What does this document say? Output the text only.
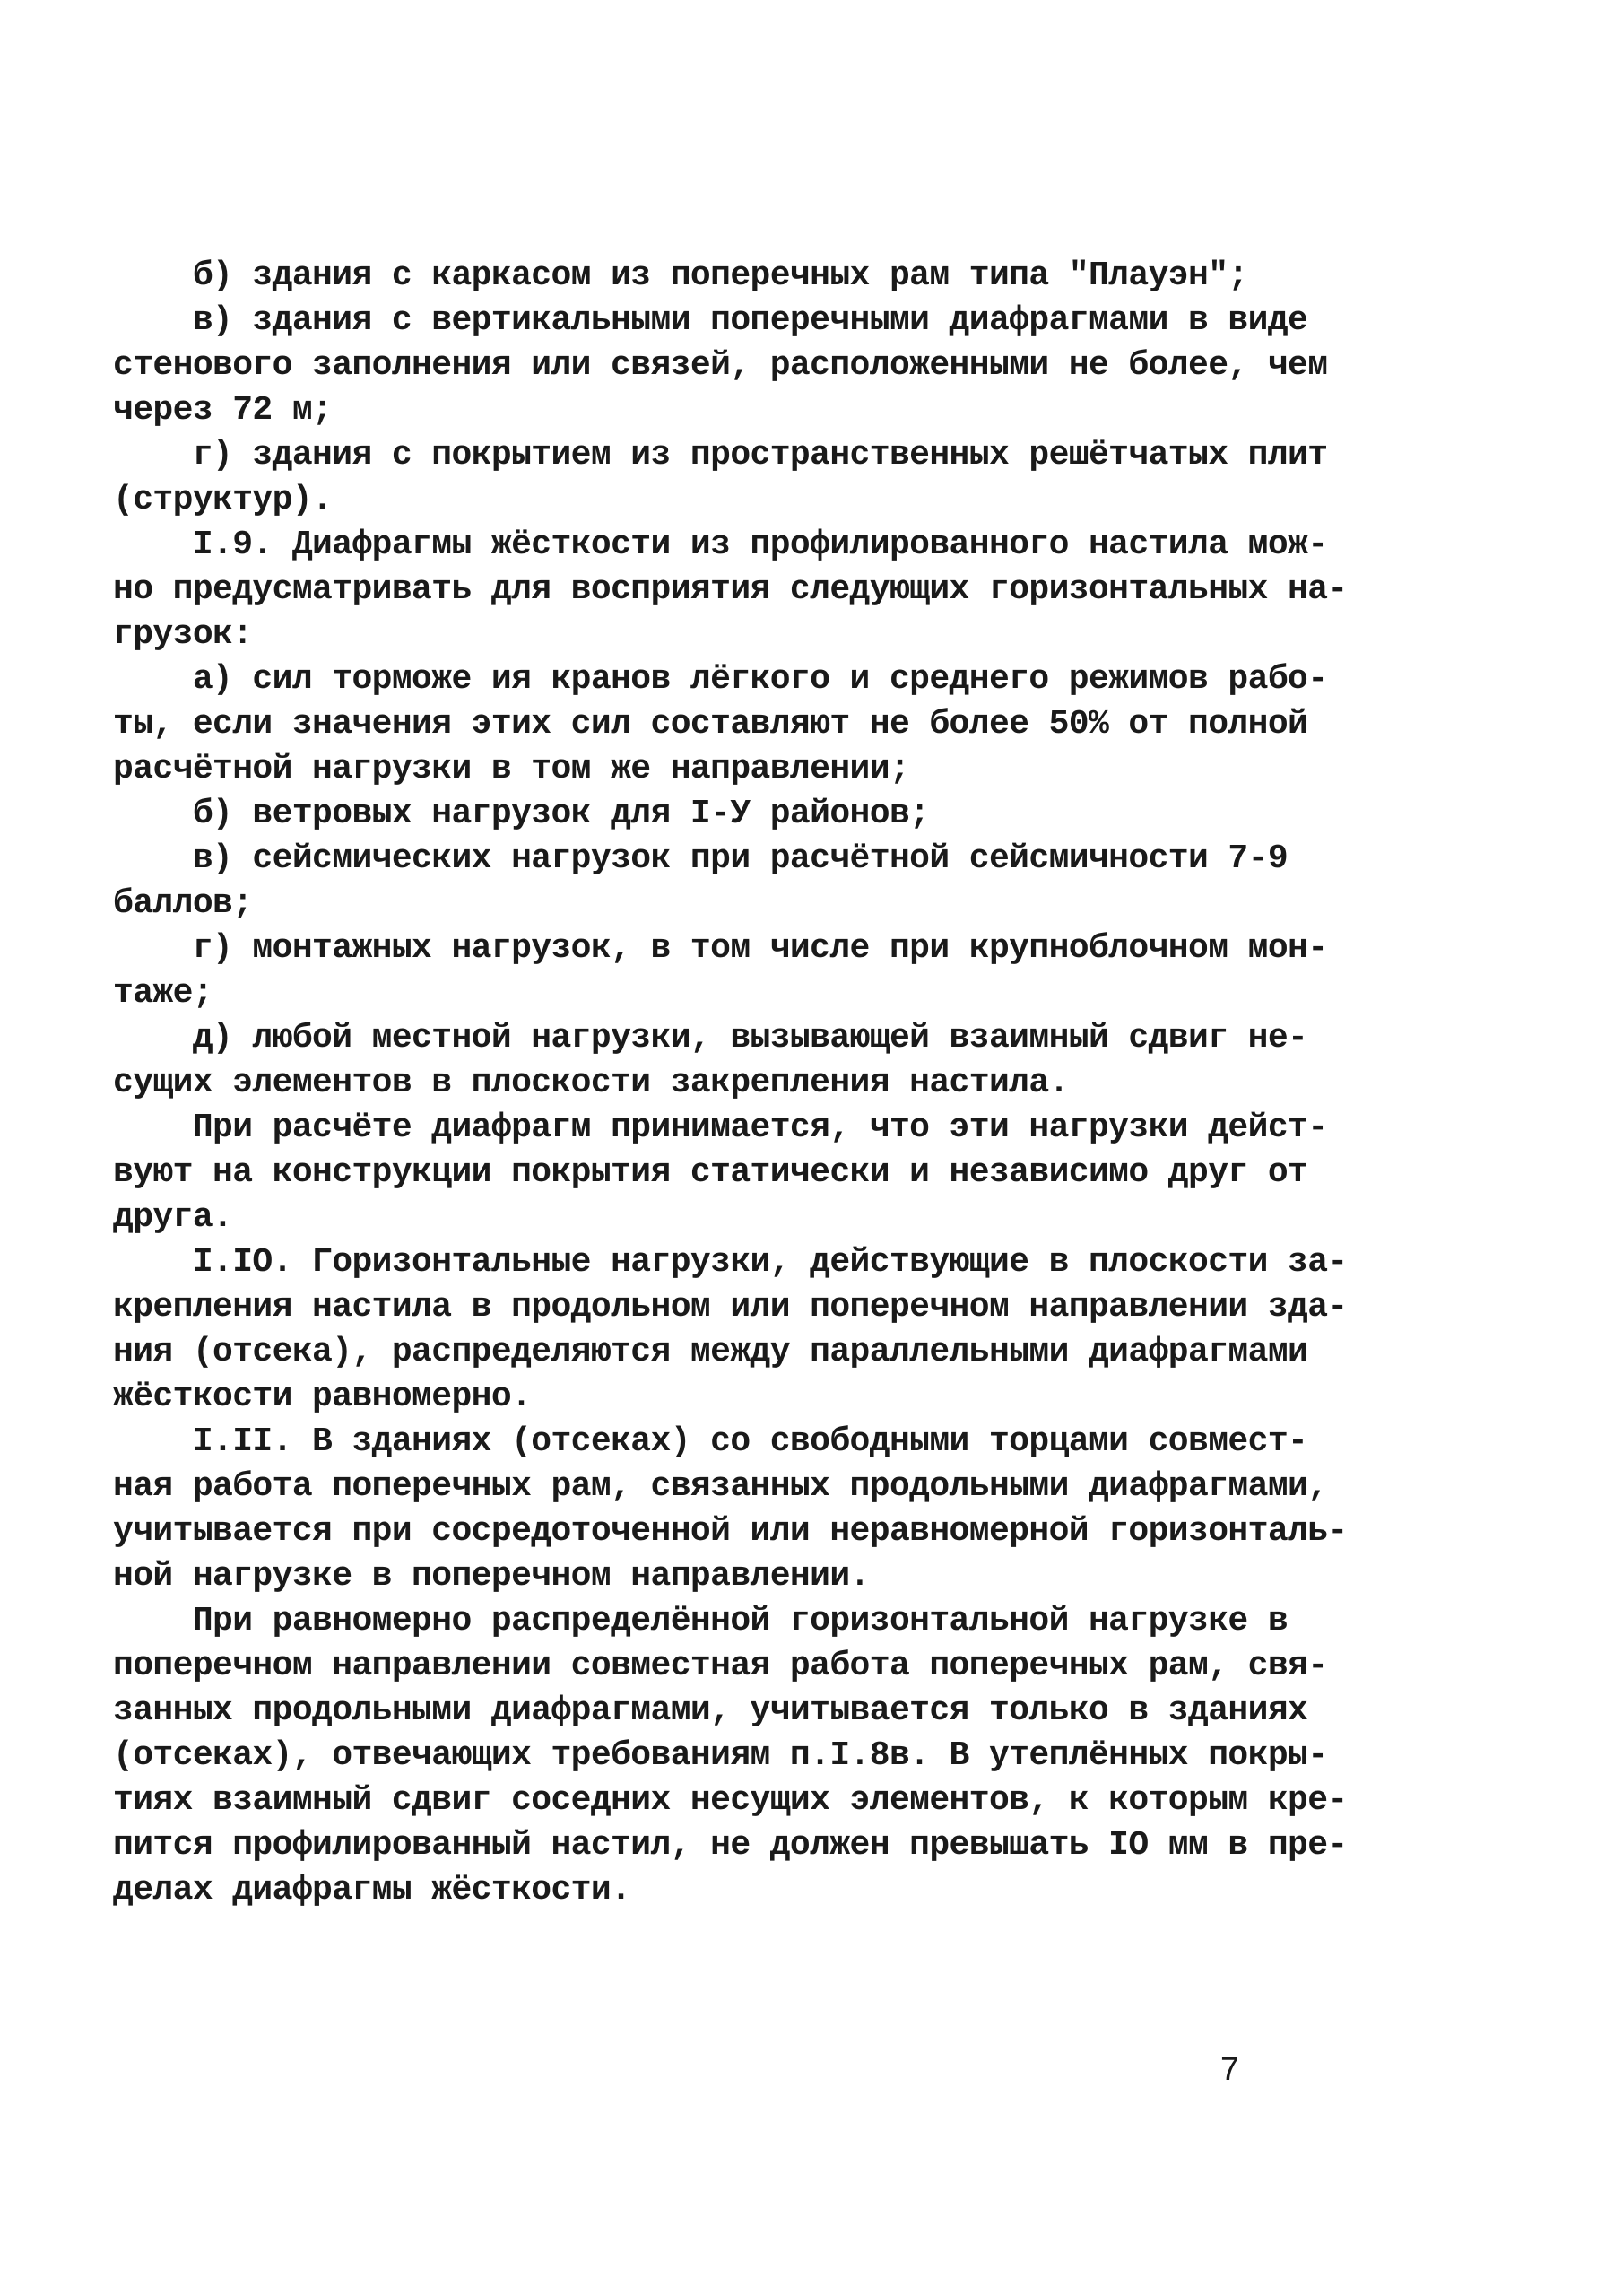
б) здания с каркасом из поперечных рам типа "Плауэн";
в) здания с вертикальными поперечными диафрагмами в виде
стенового заполнения или связей, расположенными не более, чем
через 72 м;
г) здания с покрытием из пространственных решётчатых плит
(структур).
I.9. Диафрагмы жёсткости из профилированного настила мож-
но предусматривать для восприятия следующих горизонтальных на-
грузок:
а) сил торможе ия кранов лёгкого и среднего режимов рабо-
ты, если значения этих сил составляют не более 50% от полной
расчётной нагрузки в том же направлении;
б) ветровых нагрузок для I-У районов;
в) сейсмических нагрузок при расчётной сейсмичности 7-9
баллов;
г) монтажных нагрузок, в том числе при крупноблочном мон-
таже;
д) любой местной нагрузки, вызывающей взаимный сдвиг не-
сущих элементов в плоскости закрепления настила.
При расчёте диафрагм принимается, что эти нагрузки дейст-
вуют на конструкции покрытия статически и независимо друг от
друга.
I.IO. Горизонтальные нагрузки, действующие в плоскости за-
крепления настила в продольном или поперечном направлении зда-
ния (отсека), распределяются между параллельными диафрагмами
жёсткости равномерно.
I.II. В зданиях (отсеках) со свободными торцами совмест-
ная работа поперечных рам, связанных продольными диафрагмами,
учитывается при сосредоточенной или неравномерной горизонталь-
ной нагрузке в поперечном направлении.
При равномерно распределённой горизонтальной нагрузке в
поперечном направлении совместная работа поперечных рам, свя-
занных продольными диафрагмами, учитывается только в зданиях
(отсеках), отвечающих требованиям п.I.8в. В утеплённых покры-
тиях взаимный сдвиг соседних несущих элементов, к которым кре-
пится профилированный настил, не должен превышать IO мм в пре-
делах диафрагмы жёсткости.
7
